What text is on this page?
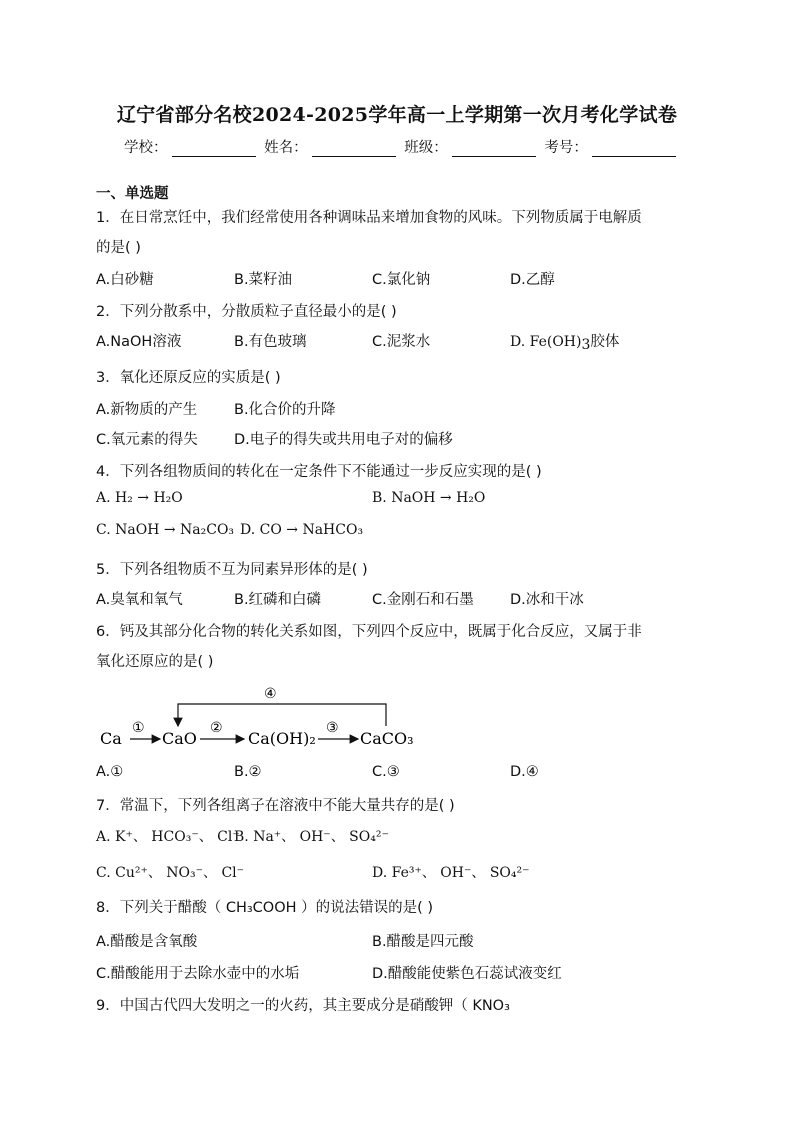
辽宁省部分名校2024-2025学年高一上学期第一次月考化学试卷
学校：	姓名：	班级：	考号：
一、单选题
1．在日常烹饪中，我们经常使用各种调味品来增加食物的风味。下列物质属于电解质
的是( )
A.白砂糖	B.菜籽油	C.氯化钠	D.乙醇
2．下列分散系中，分散质粒子直径最小的是( )
A.NaOH溶液	B.有色玻璃	C.泥浆水	D. $Fe(OH)_3$胶体
3．氧化还原反应的实质是( )
A.新物质的产生	B.化合价的升降
C.氧元素的得失	D.电子的得失或共用电子对的偏移
4．下列各组物质间的转化在一定条件下不能通过一步反应实现的是( )
A. H₂ → H₂O	B. NaOH → H₂O
C. NaOH → Na₂CO₃ D. CO → NaHCO₃
5．下列各组物质不互为同素异形体的是( )
A.臭氧和氧气	B.红磷和白磷	C.金刚石和石墨	D.冰和干冰
6．钙及其部分化合物的转化关系如图，下列四个反应中，既属于化合反应，又属于非
氧化还原应的是( )
Ca
①
CaO
②
Ca(OH)₂
③
CaCO₃
④
A.①	B.②	C.③	D.④
7．常温下，下列各组离子在溶液中不能大量共存的是( )
A. K⁺、 HCO₃⁻、 Cl⁻
B. Na⁺、 OH⁻、 SO₄²⁻
C. Cu²⁺、 NO₃⁻、 Cl⁻	D. Fe³⁺、 OH⁻、 SO₄²⁻
8．下列关于醋酸（ CH₃COOH ）的说法错误的是( )
A.醋酸是含氧酸	B.醋酸是四元酸
C.醋酸能用于去除水壶中的水垢	D.醋酸能使紫色石蕊试液变红
9．中国古代四大发明之一的火药，其主要成分是硝酸钾（ KNO₃
